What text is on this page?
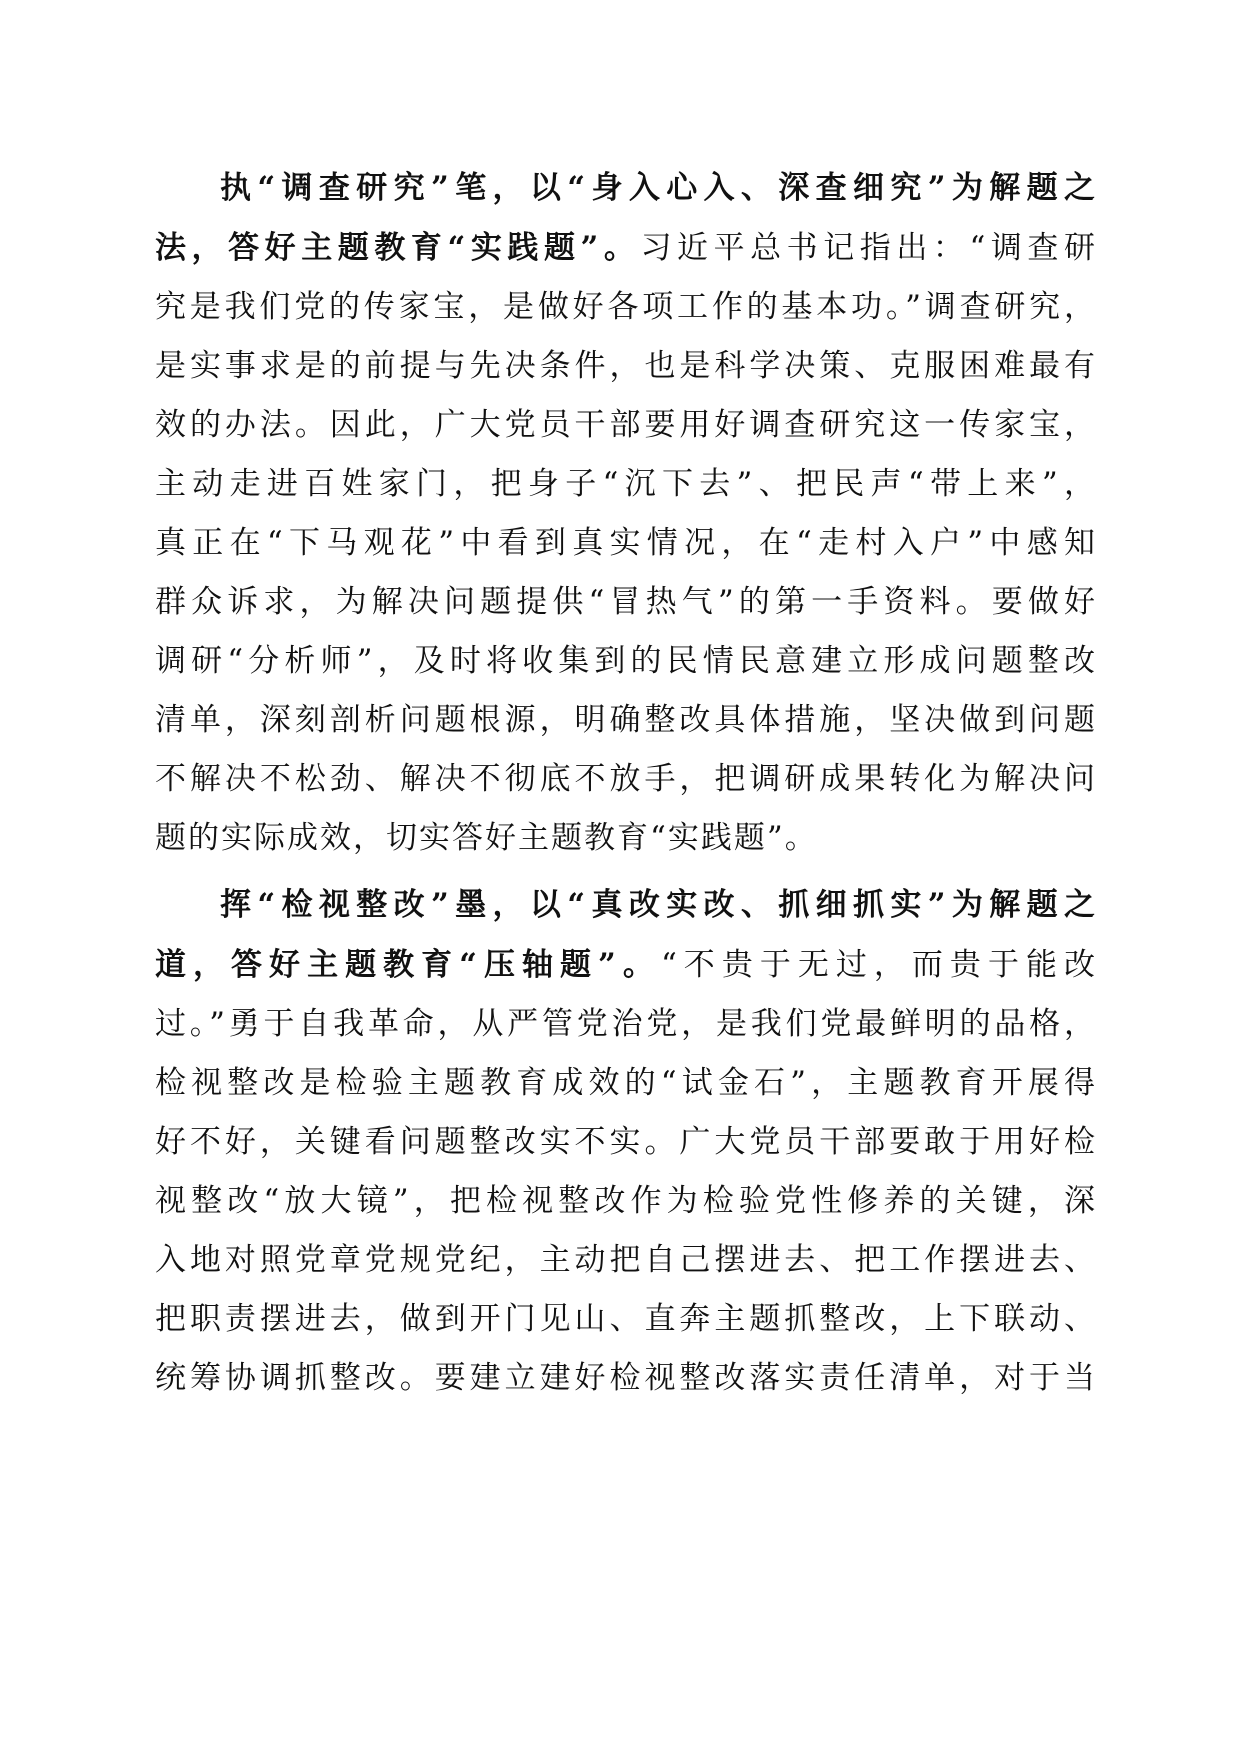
执“调查研究”笔，以“身入心入、深查细究”为解题之
法，答好主题教育“实践题”。习近平总书记指出：“调查研
究是我们党的传家宝，是做好各项工作的基本功。”调查研究，
是实事求是的前提与先决条件，也是科学决策、克服困难最有
效的办法。因此，广大党员干部要用好调查研究这一传家宝，
主动走进百姓家门，把身子“沉下去”、把民声“带上来”，
真正在“下马观花”中看到真实情况，在“走村入户”中感知
群众诉求，为解决问题提供“冒热气”的第一手资料。要做好
调研“分析师”，及时将收集到的民情民意建立形成问题整改
清单，深刻剖析问题根源，明确整改具体措施，坚决做到问题
不解决不松劲、解决不彻底不放手，把调研成果转化为解决问
题的实际成效，切实答好主题教育“实践题”。
挥“检视整改”墨，以“真改实改、抓细抓实”为解题之
道，答好主题教育“压轴题”。“不贵于无过，而贵于能改
过。”勇于自我革命，从严管党治党，是我们党最鲜明的品格，
检视整改是检验主题教育成效的“试金石”，主题教育开展得
好不好，关键看问题整改实不实。广大党员干部要敢于用好检
视整改“放大镜”，把检视整改作为检验党性修养的关键，深
入地对照党章党规党纪，主动把自己摆进去、把工作摆进去、
把职责摆进去，做到开门见山、直奔主题抓整改，上下联动、
统筹协调抓整改。要建立建好检视整改落实责任清单，对于当
